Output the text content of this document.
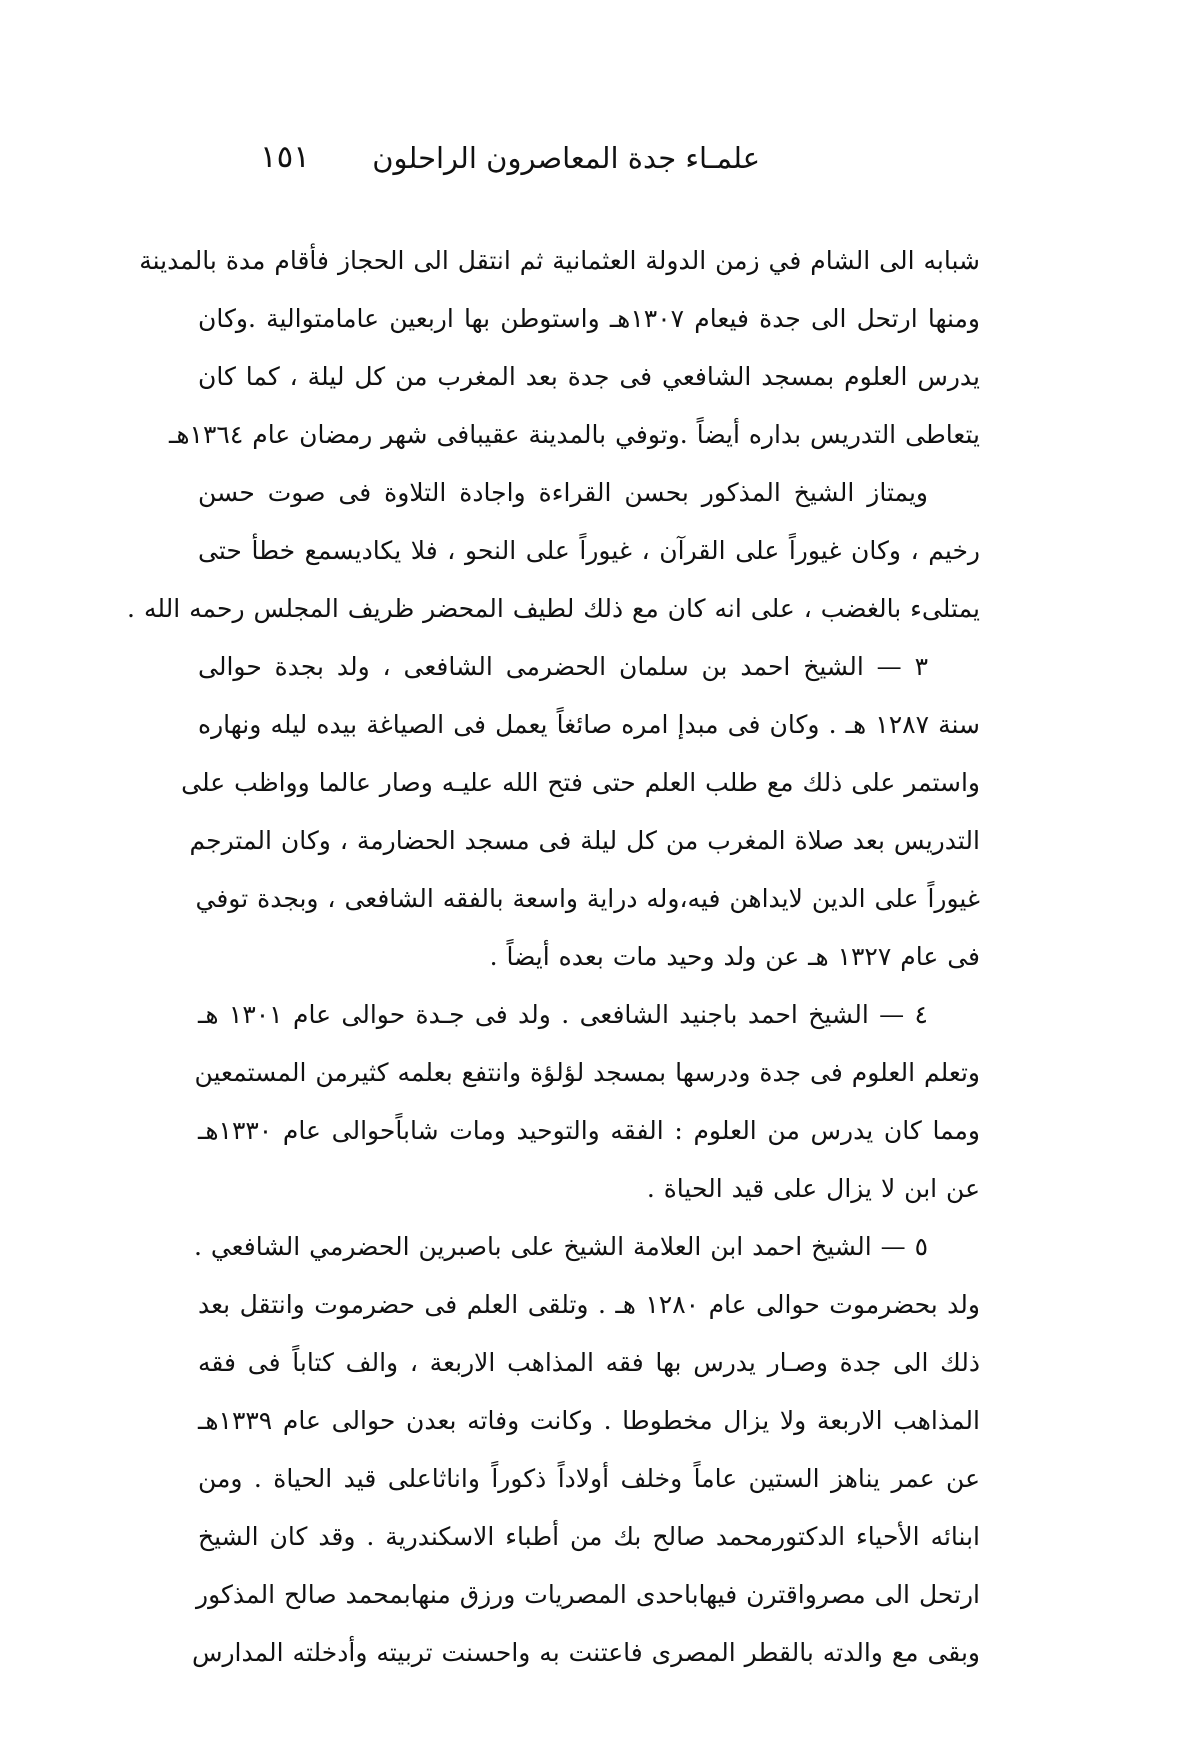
علمـاء جدة المعاصرون الراحلون
١٥١
شبابه الى الشام في زمن الدولة العثمانية ثم انتقل الى الحجاز فأقام مدة بالمدينة
ومنها ارتحل الى جدة فيعام ١٣٠٧هـ واستوطن بها اربعين عامامتوالية .وكان
يدرس العلوم بمسجد الشافعي فى جدة بعد المغرب من كل ليلة ، كما كان
يتعاطى التدريس بداره أيضاً .وتوفي بالمدينة عقيبافى شهر رمضان عام ١٣٦٤هـ
ويمتاز الشيخ المذكور بحسن القراءة واجادة التلاوة فى صوت حسن
رخيم ، وكان غيوراً على القرآن ، غيوراً على النحو ، فلا يكاديسمع خطأ حتى
يمتلىء بالغضب ، على انه كان مع ذلك لطيف المحضر ظريف المجلس رحمه الله .
٣ — الشيخ احمد بن سلمان الحضرمى الشافعى ، ولد بجدة حوالى
سنة ١٢٨٧ هـ . وكان فى مبدإ امره صائغاً يعمل فى الصياغة بيده ليله ونهاره
واستمر على ذلك مع طلب العلم حتى فتح الله عليـه وصار عالما وواظب على
التدريس بعد صلاة المغرب من كل ليلة فى مسجد الحضارمة ، وكان المترجم
غيوراً على الدين لايداهن فيه،وله دراية واسعة بالفقه الشافعى ، وبجدة توفي
فى عام ١٣٢٧ هـ عن ولد وحيد مات بعده أيضاً .
٤ — الشيخ احمد باجنيد الشافعى . ولد فى جـدة حوالى عام ١٣٠١ هـ
وتعلم العلوم فى جدة ودرسها بمسجد لؤلؤة وانتفع بعلمه كثيرمن المستمعين
ومما كان يدرس من العلوم : الفقه والتوحيد ومات شاباًحوالى عام ١٣٣٠هـ
عن ابن لا يزال على قيد الحياة .
٥ — الشيخ احمد ابن العلامة الشيخ على باصبرين الحضرمي الشافعي .
ولد بحضرموت حوالى عام ١٢٨٠ هـ . وتلقى العلم فى حضرموت وانتقل بعد
ذلك الى جدة وصـار يدرس بها فقه المذاهب الاربعة ، والف كتاباً فى فقه
المذاهب الاربعة ولا يزال مخطوطا . وكانت وفاته بعدن حوالى عام ١٣٣٩هـ
عن عمر يناهز الستين عاماً وخلف أولاداً ذكوراً واناثاعلى قيد الحياة . ومن
ابنائه الأحياء الدكتورمحمد صالح بك من أطباء الاسكندرية . وقد كان الشيخ
ارتحل الى مصرواقترن فيهاباحدى المصريات ورزق منهابمحمد صالح المذكور
وبقى مع والدته بالقطر المصرى فاعتنت به واحسنت تربيته وأدخلته المدارس
